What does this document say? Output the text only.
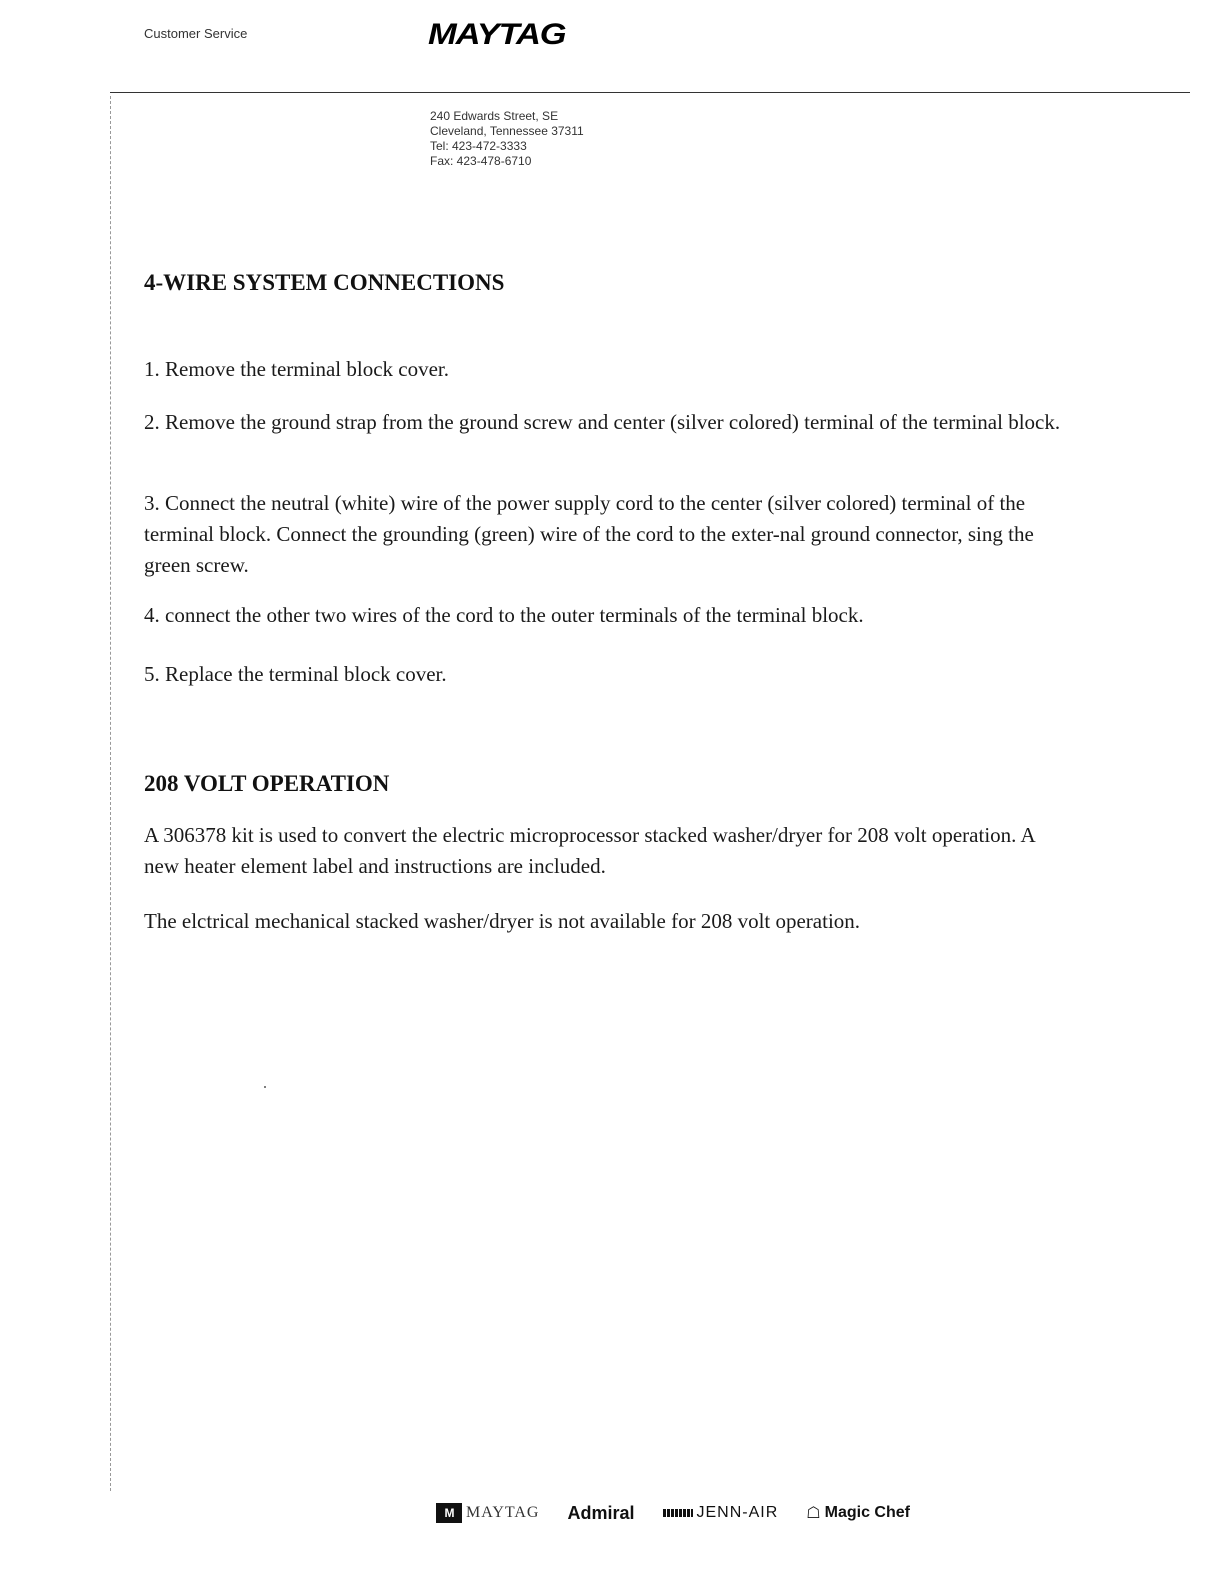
Customer Service	MAYTAG
240 Edwards Street, SE
Cleveland, Tennessee 37311
Tel: 423-472-3333
Fax: 423-478-6710
4-WIRE SYSTEM CONNECTIONS

1. Remove the terminal block cover.

2. Remove the ground strap from the ground screw and center (silver colored) terminal of the terminal block.

3. Connect the neutral (white) wire of the power supply cord to the center (silver colored) terminal of the terminal block. Connect the grounding (green) wire of the cord to the exter-nal ground connector, sing the green screw.

4. connect the other two wires of the cord to the outer terminals of the terminal block.

5. Replace the terminal block cover.

208 VOLT OPERATION

A 306378 kit is used to convert the electric microprocessor stacked washer/dryer for 208 volt operation. A new heater element label and instructions are included.

The elctrical mechanical stacked washer/dryer is not available for 208 volt operation.

M MAYTAG Admiral	JENN-AIR ☖ Magic Chef
